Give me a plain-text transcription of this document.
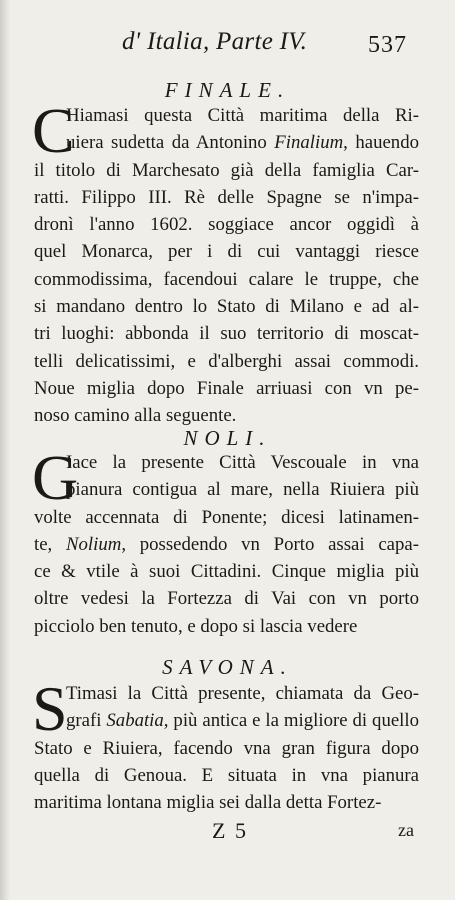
d' Italia, Parte IV.	537
FINALE.
C
Hiamasi questa Città maritima della Ri-
uiera sudetta da Antonino Finalium, hauendo
il titolo di Marchesato già della famiglia Car-
ratti. Filippo III. Rè delle Spagne se n'impa-
dronì l'anno 1602. soggiace ancor oggidì à
quel Monarca, per i di cui vantaggi riesce
commodissima, facendoui calare le truppe, che
si mandano dentro lo Stato di Milano e ad al-
tri luoghi: abbonda il suo territorio di moscat-
telli delicatissimi, e d'alberghi assai commodi.
Noue miglia dopo Finale arriuasi con vn pe-
noso camino alla seguente.
NOLI.
G
Iace la presente Città Vescouale in vna
pianura contigua al mare, nella Riuiera più
volte accennata di Ponente; dicesi latinamen-
te, Nolium, possedendo vn Porto assai capa-
ce & vtile à suoi Cittadini. Cinque miglia più
oltre vedesi la Fortezza di Vai con vn porto
picciolo ben tenuto, e dopo si lascia vedere
SAVONA.
S
Timasi la Città presente, chiamata da Geo-
grafi Sabatia, più antica e la migliore di quello
Stato e Riuiera, facendo vna gran figura dopo
quella di Genoua. E situata in vna pianura
maritima lontana miglia sei dalla detta Fortez-
Z 5	za
